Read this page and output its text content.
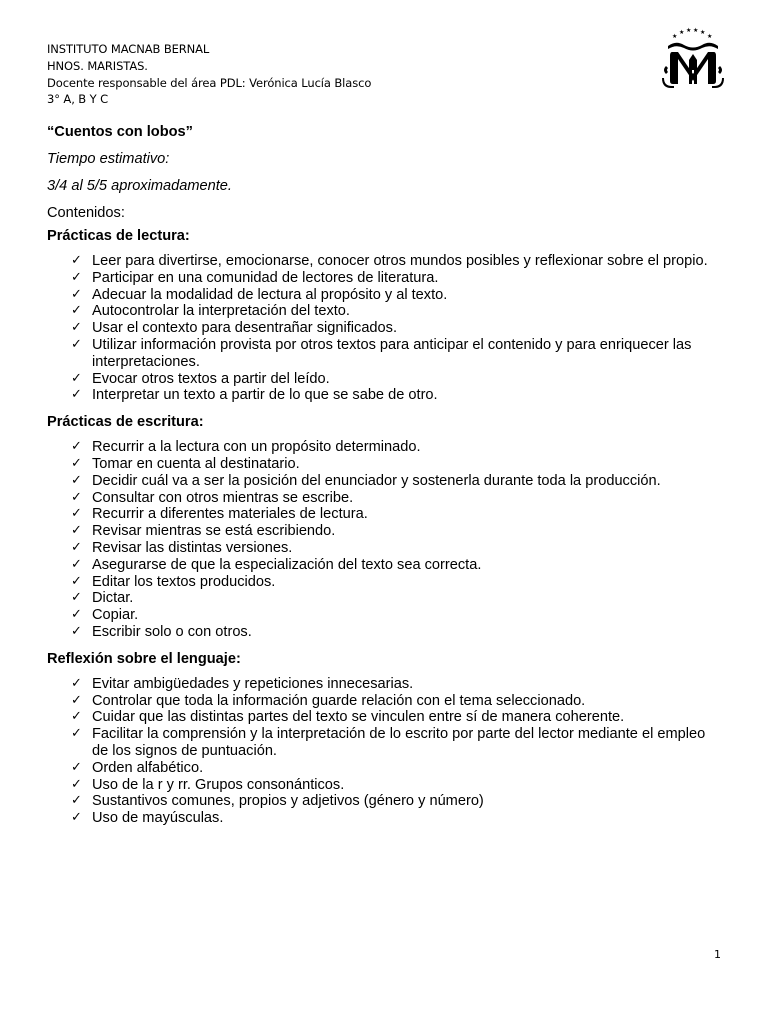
INSTITUTO MACNAB BERNAL
HNOS. MARISTAS.
Docente responsable del área PDL: Verónica Lucía Blasco
3° A, B Y C
★
★ ★ ★ ★
★
“Cuentos con lobos”
Tiempo estimativo:
3/4 al 5/5 aproximadamente.
Contenidos:
Prácticas de lectura:
✓ Leer para divertirse, emocionarse, conocer otros mundos posibles y reflexionar sobre el propio.
✓ Participar en una comunidad de lectores de literatura.
✓ Adecuar la modalidad de lectura al propósito y al texto.
✓ Autocontrolar la interpretación del texto.
✓ Usar el contexto para desentrañar significados.
✓ Utilizar información provista por otros textos para anticipar el contenido y para enriquecer las interpretaciones.
✓ Evocar otros textos a partir del leído.
✓ Interpretar un texto a partir de lo que se sabe de otro.
Prácticas de escritura:
✓ Recurrir a la lectura con un propósito determinado.
✓ Tomar en cuenta al destinatario.
✓ Decidir cuál va a ser la posición del enunciador y sostenerla durante toda la producción.
✓ Consultar con otros mientras se escribe.
✓ Recurrir a diferentes materiales de lectura.
✓ Revisar mientras se está escribiendo.
✓ Revisar las distintas versiones.
✓ Asegurarse de que la especialización del texto sea correcta.
✓ Editar los textos producidos.
✓ Dictar.
✓ Copiar.
✓ Escribir solo o con otros.
Reflexión sobre el lenguaje:
✓ Evitar ambigüedades y repeticiones innecesarias.
✓ Controlar que toda la información guarde relación con el tema seleccionado.
✓ Cuidar que las distintas partes del texto se vinculen entre sí de manera coherente.
✓ Facilitar la comprensión y la interpretación de lo escrito por parte del lector mediante el empleo de los signos de puntuación.
✓ Orden alfabético.
✓ Uso de la r y rr. Grupos consonánticos.
✓ Sustantivos comunes, propios y adjetivos (género y número)
✓ Uso de mayúsculas.
1
